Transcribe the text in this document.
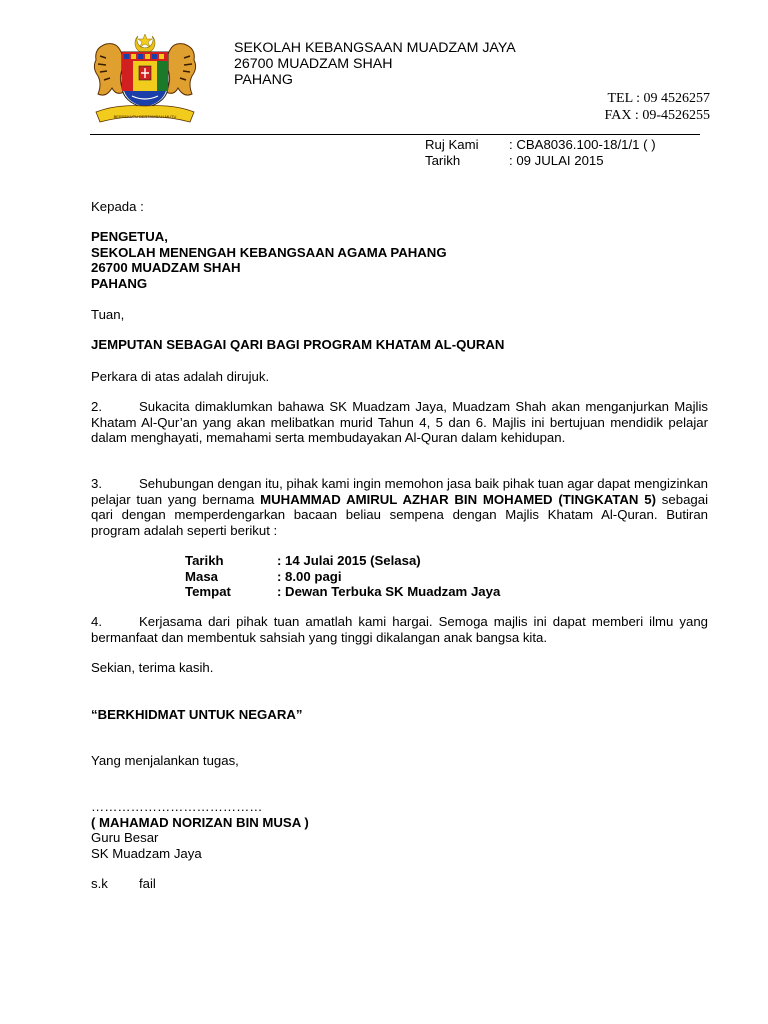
BERSEKUTU BERTAMBAH MUTU
SEKOLAH KEBANGSAAN MUADZAM JAYA
26700 MUADZAM SHAH
PAHANG
TEL : 09 4526257
FAX : 09-4526255
Ruj Kami	: CBA8036.100-18/1/1 ( )
Tarikh	: 09 JULAI 2015
Kepada :
PENGETUA,
SEKOLAH MENENGAH KEBANGSAAN AGAMA PAHANG
26700 MUADZAM SHAH
PAHANG
Tuan,
JEMPUTAN SEBAGAI QARI BAGI PROGRAM KHATAM AL-QURAN
Perkara di atas adalah dirujuk.
2.	Sukacita dimaklumkan bahawa SK Muadzam Jaya, Muadzam Shah akan menganjurkan Majlis Khatam Al-Qur’an yang akan melibatkan murid Tahun 4, 5 dan 6. Majlis ini bertujuan mendidik pelajar dalam menghayati, memahami serta membudayakan Al-Quran dalam kehidupan.
3.	Sehubungan dengan itu, pihak kami ingin memohon jasa baik pihak tuan agar dapat mengizinkan pelajar tuan yang bernama MUHAMMAD AMIRUL AZHAR BIN MOHAMED (TINGKATAN 5) sebagai qari dengan memperdengarkan bacaan beliau sempena dengan Majlis Khatam Al-Quran. Butiran program adalah seperti berikut :
Tarikh	: 14 Julai 2015 (Selasa)
Masa	: 8.00 pagi
Tempat	: Dewan Terbuka SK Muadzam Jaya
4.	Kerjasama dari pihak tuan amatlah kami hargai. Semoga majlis ini dapat memberi ilmu yang bermanfaat dan membentuk sahsiah yang tinggi dikalangan anak bangsa kita.
Sekian, terima kasih.
“BERKHIDMAT UNTUK NEGARA”
Yang menjalankan tugas,
…………………………………
( MAHAMAD NORIZAN BIN MUSA )
Guru Besar
SK Muadzam Jaya
s.k	fail
